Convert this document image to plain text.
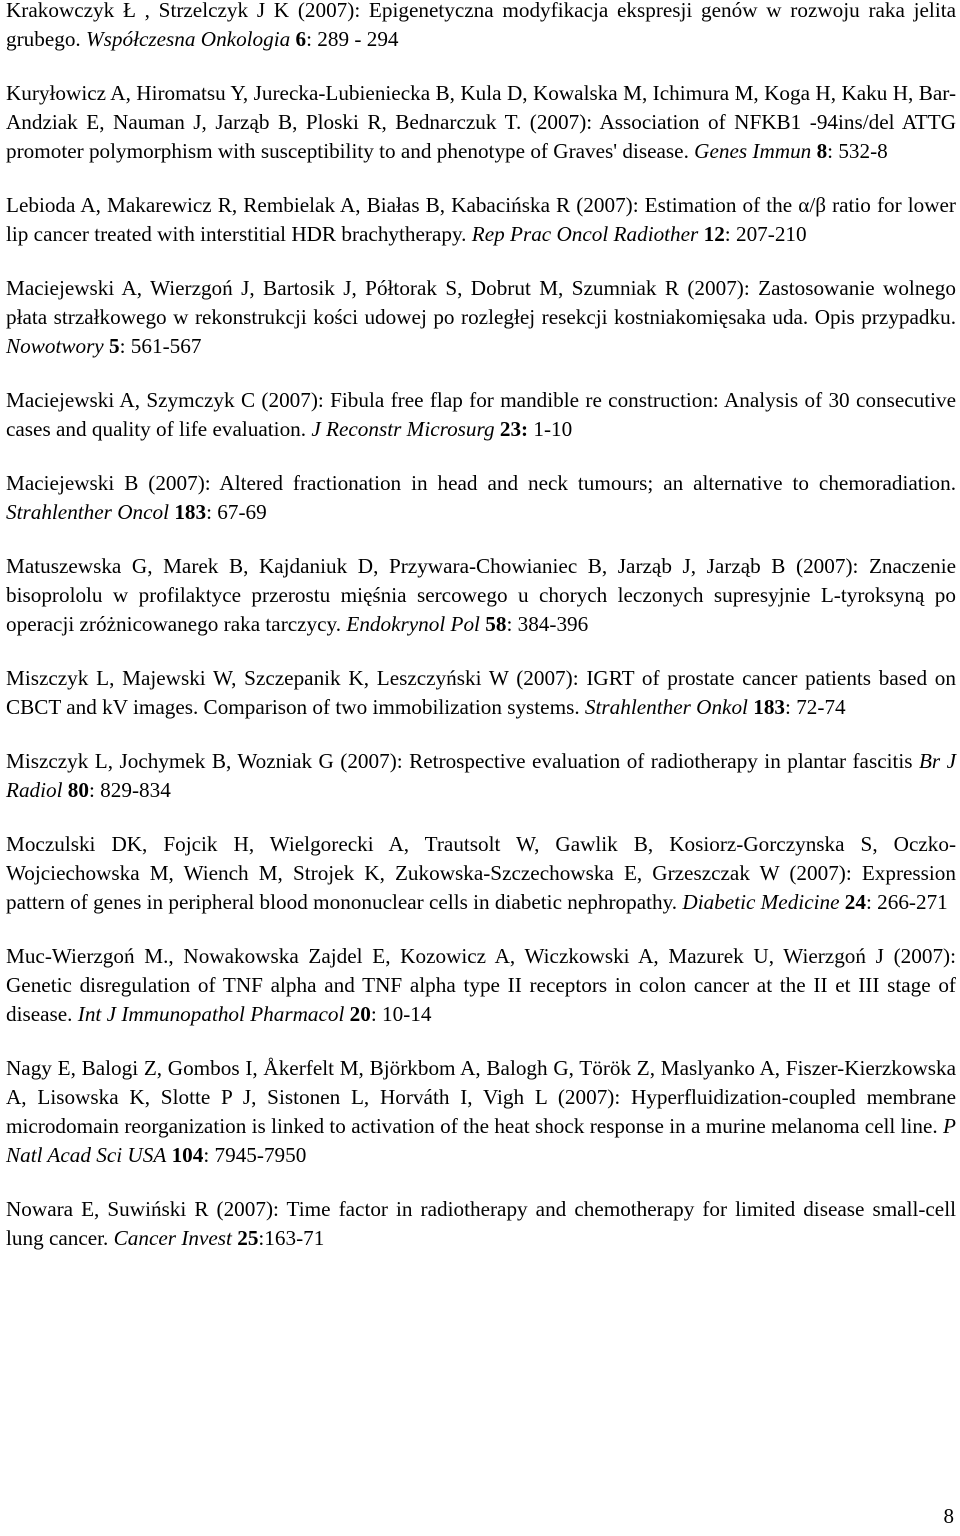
Krakowczyk Ł , Strzelczyk J K (2007): Epigenetyczna modyfikacja ekspresji genów w rozwoju raka jelita grubego. Współczesna Onkologia 6: 289 - 294

Kuryłowicz A, Hiromatsu Y, Jurecka-Lubieniecka B, Kula D, Kowalska M, Ichimura M, Koga H, Kaku H, Bar-Andziak E, Nauman J, Jarząb B, Ploski R, Bednarczuk T. (2007): Association of NFKB1 -94ins/del ATTG promoter polymorphism with susceptibility to and phenotype of Graves' disease. Genes Immun 8: 532-8

Lebioda A, Makarewicz R, Rembielak A, Białas B, Kabacińska R (2007): Estimation of the α/β ratio for lower lip cancer treated with interstitial HDR brachytherapy. Rep Prac Oncol Radiother 12: 207-210

Maciejewski A, Wierzgoń J, Bartosik J, Półtorak S, Dobrut M, Szumniak R (2007): Zastosowanie wolnego płata strzałkowego w rekonstrukcji kości udowej po rozległej resekcji kostniakomięsaka uda. Opis przypadku. Nowotwory 5: 561-567

Maciejewski A, Szymczyk C (2007): Fibula free flap for mandible re construction: Analysis of 30 consecutive cases and quality of life evaluation. J Reconstr Microsurg 23: 1-10

Maciejewski B (2007): Altered fractionation in head and neck tumours; an alternative to chemoradiation. Strahlenther Oncol 183: 67-69

Matuszewska G, Marek B, Kajdaniuk D, Przywara-Chowianiec B, Jarząb J, Jarząb B (2007): Znaczenie bisoprololu w profilaktyce przerostu mięśnia sercowego u chorych leczonych supresyjnie L-tyroksyną po operacji zróżnicowanego raka tarczycy. Endokrynol Pol 58: 384-396

Miszczyk L, Majewski W, Szczepanik K, Leszczyński W (2007): IGRT of prostate cancer patients based on CBCT and kV images. Comparison of two immobilization systems. Strahlenther Onkol 183: 72-74

Miszczyk L, Jochymek B, Wozniak G (2007): Retrospective evaluation of radiotherapy in plantar fascitis Br J Radiol 80: 829-834

Moczulski DK, Fojcik H, Wielgorecki A, Trautsolt W, Gawlik B, Kosiorz-Gorczynska S, Oczko-Wojciechowska M, Wiench M, Strojek K, Zukowska-Szczechowska E, Grzeszczak W (2007): Expression pattern of genes in peripheral blood mononuclear cells in diabetic nephropathy. Diabetic Medicine 24: 266-271

Muc-Wierzgoń M., Nowakowska Zajdel E, Kozowicz A, Wiczkowski A, Mazurek U, Wierzgoń J (2007): Genetic disregulation of TNF alpha and TNF alpha type II receptors in colon cancer at the II et III stage of disease. Int J Immunopathol Pharmacol 20: 10-14

Nagy E, Balogi Z, Gombos I, Åkerfelt M, Björkbom A, Balogh G, Török Z, Maslyanko A, Fiszer-Kierzkowska A, Lisowska K, Slotte P J, Sistonen L, Horváth I, Vigh L (2007): Hyperfluidization-coupled membrane microdomain reorganization is linked to activation of the heat shock response in a murine melanoma cell line. P Natl Acad Sci USA 104: 7945-7950

Nowara E, Suwiński R (2007): Time factor in radiotherapy and chemotherapy for limited disease small-cell lung cancer. Cancer Invest 25:163-71

8
